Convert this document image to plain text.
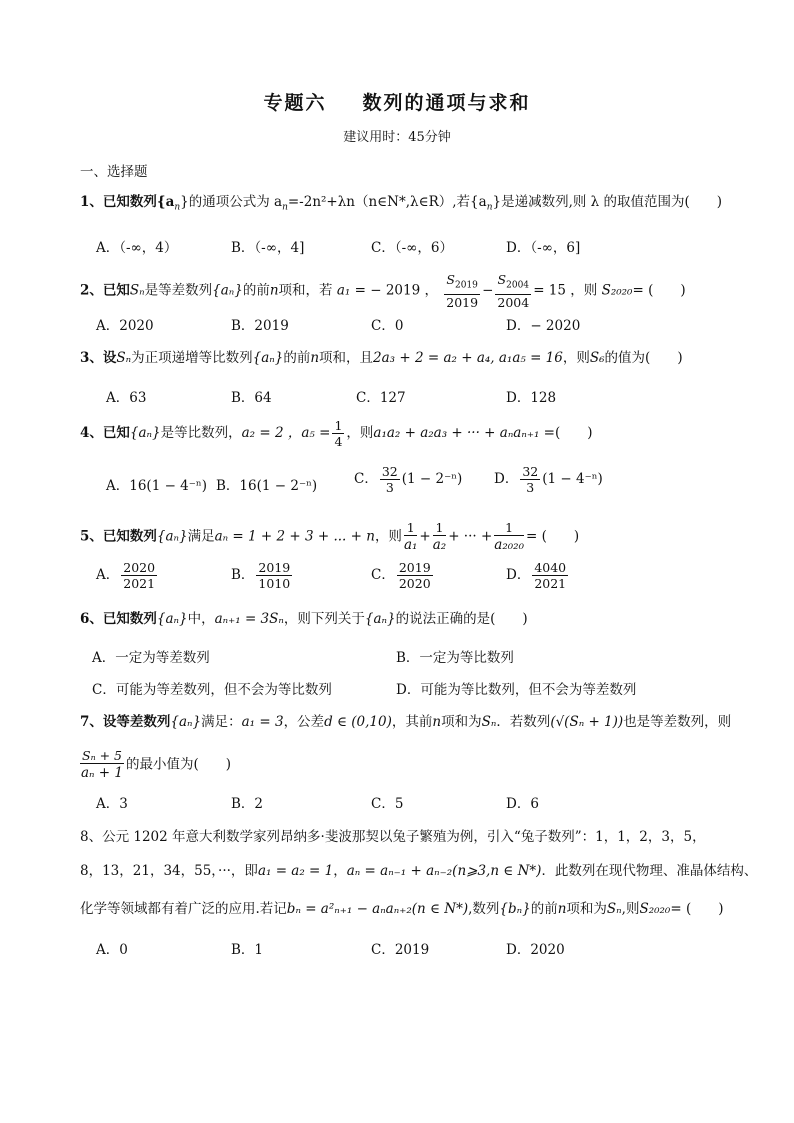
专题六 数列的通项与求和
建议用时：45分钟
一、选择题
1、已知数列$\{a_n\}$的通项公式为 $a_n=-2n^2+\lambda n(n\in N*,\lambda\in R)$,若$\{a_n\}$是递减数列,则 λ 的取值范围为(　　)
A．（-∞，4）	B．（-∞，4]	C．（-∞，6）	D．（-∞，6]
2、已知Sₙ是等差数列{aₙ}的前n项和，若 a₁ = − 2019 ， $\frac{S_{2019}}{2019} - \frac{S_{2004}}{2004} = 15$ ，则 S₂₀₂₀= (　　)
A．2020	B．2019	C．0	D．− 2020
3、设Sₙ为正项递增等比数列{aₙ}的前n项和，且2a₃ + 2 = a₂ + a₄, a₁a₅ = 16，则S₆的值为(　　)
A．63	B．64	C．127	D．128
4、已知{aₙ}是等比数列，a₂ = 2 ，$a_5 = \frac{1}{4}$ ，则a₁a₂ + a₂a₃ + ··· + aₙaₙ₊₁ =(　　)
A．16(1 − 4⁻ⁿ) B．16(1 − 2⁻ⁿ)	C． $\frac{32}{3} (1 - 2^{-n})$ D． $\frac{32}{3} (1 - 4^{-n})$
5、已知数列{aₙ}满足aₙ = 1 + 2 + 3 + ... + n，则 $\frac{1}{\text{a₁}} + \frac{1}{\text{a₂}}$ + ··· + $\frac{1}{\text{a₂₀₂₀}}$ = (　　)
A． $\frac{2020}{2021}$	B． $\frac{2019}{1010}$	C． $\frac{2019}{2020}$	D． $\frac{4040}{2021}$
6、已知数列{aₙ}中，aₙ₊₁ = 3Sₙ，则下列关于{aₙ}的说法正确的是(　　)
A．一定为等差数列	B．一定为等比数列
C．可能为等差数列，但不会为等比数列	D．可能为等比数列，但不会为等差数列
7、设等差数列{aₙ}满足：a₁ = 3，公差d ∈ (0,10)，其前n项和为Sₙ．若数列(√(Sₙ + 1))也是等差数列，则
$\frac{\text{Sₙ + 5}}{\text{aₙ + 1}}$ 的最小值为(　　)
A．3	B．2	C．5	D．6
8、公元 1202 年意大利数学家列昂纳多·斐波那契以兔子繁殖为例，引入“兔子数列”：1，1，2，3，5，
8，13，21，34，55，···，即a₁ = a₂ = 1，aₙ = aₙ₋₁ + aₙ₋₂(n⩾3,n ∈ N*)．此数列在现代物理、准晶体结构、
化学等领域都有着广泛的应用.若记bₙ = a²ₙ₊₁ − aₙaₙ₊₂(n ∈ N*),数列{bₙ}的前n项和为Sₙ,则S₂₀₂₀= (　　)
A．0	B．1	C．2019	D．2020
